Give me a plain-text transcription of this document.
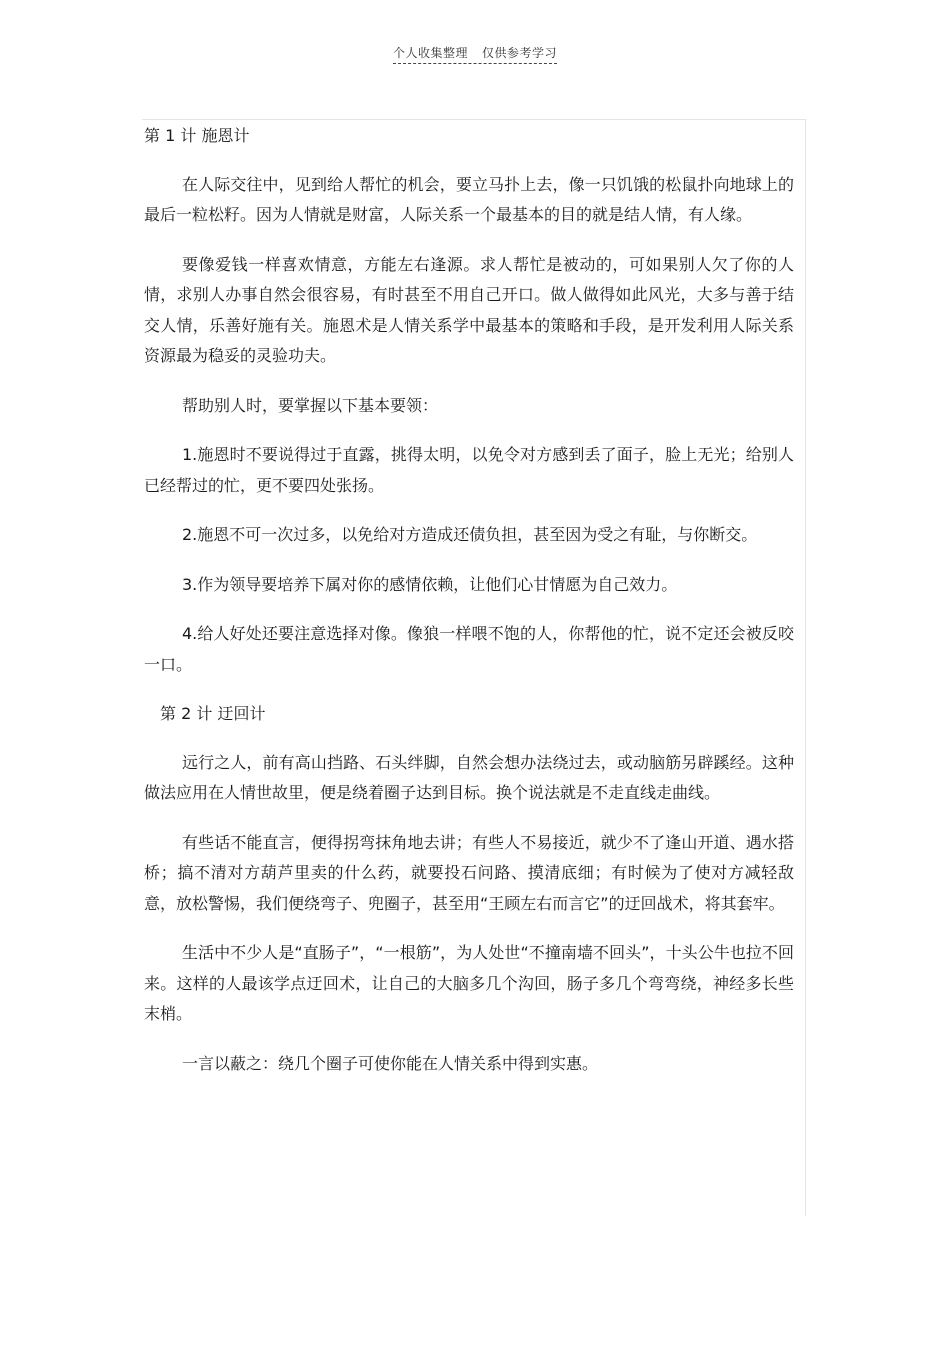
个人收集整理 仅供参考学习
第 1 计 施恩计

在人际交往中，见到给人帮忙的机会，要立马扑上去，像一只饥饿的松鼠扑向地球上的最后一粒松籽。因为人情就是财富，人际关系一个最基本的目的就是结人情，有人缘。

要像爱钱一样喜欢情意，方能左右逢源。求人帮忙是被动的，可如果别人欠了你的人情，求别人办事自然会很容易，有时甚至不用自己开口。做人做得如此风光，大多与善于结交人情，乐善好施有关。施恩术是人情关系学中最基本的策略和手段，是开发利用人际关系资源最为稳妥的灵验功夫。

帮助别人时，要掌握以下基本要领：

1.施恩时不要说得过于直露，挑得太明，以免令对方感到丢了面子，脸上无光；给别人已经帮过的忙，更不要四处张扬。

2.施恩不可一次过多，以免给对方造成还债负担，甚至因为受之有耻，与你断交。

3.作为领导要培养下属对你的感情依赖，让他们心甘情愿为自己效力。

4.给人好处还要注意选择对像。像狼一样喂不饱的人，你帮他的忙，说不定还会被反咬一口。

第 2 计 迂回计

远行之人，前有高山挡路、石头绊脚，自然会想办法绕过去，或动脑筋另辟蹊经。这种做法应用在人情世故里，便是绕着圈子达到目标。换个说法就是不走直线走曲线。

有些话不能直言，便得拐弯抹角地去讲；有些人不易接近，就少不了逢山开道、遇水搭桥；搞不清对方葫芦里卖的什么药，就要投石问路、摸清底细；有时候为了使对方减轻敌意，放松警惕，我们便绕弯子、兜圈子，甚至用“王顾左右而言它”的迂回战术，将其套牢。

生活中不少人是“直肠子”，“一根筋”，为人处世“不撞南墙不回头”，十头公牛也拉不回来。这样的人最该学点迂回术，让自己的大脑多几个沟回，肠子多几个弯弯绕，神经多长些末梢。

一言以蔽之：绕几个圈子可使你能在人情关系中得到实惠。
